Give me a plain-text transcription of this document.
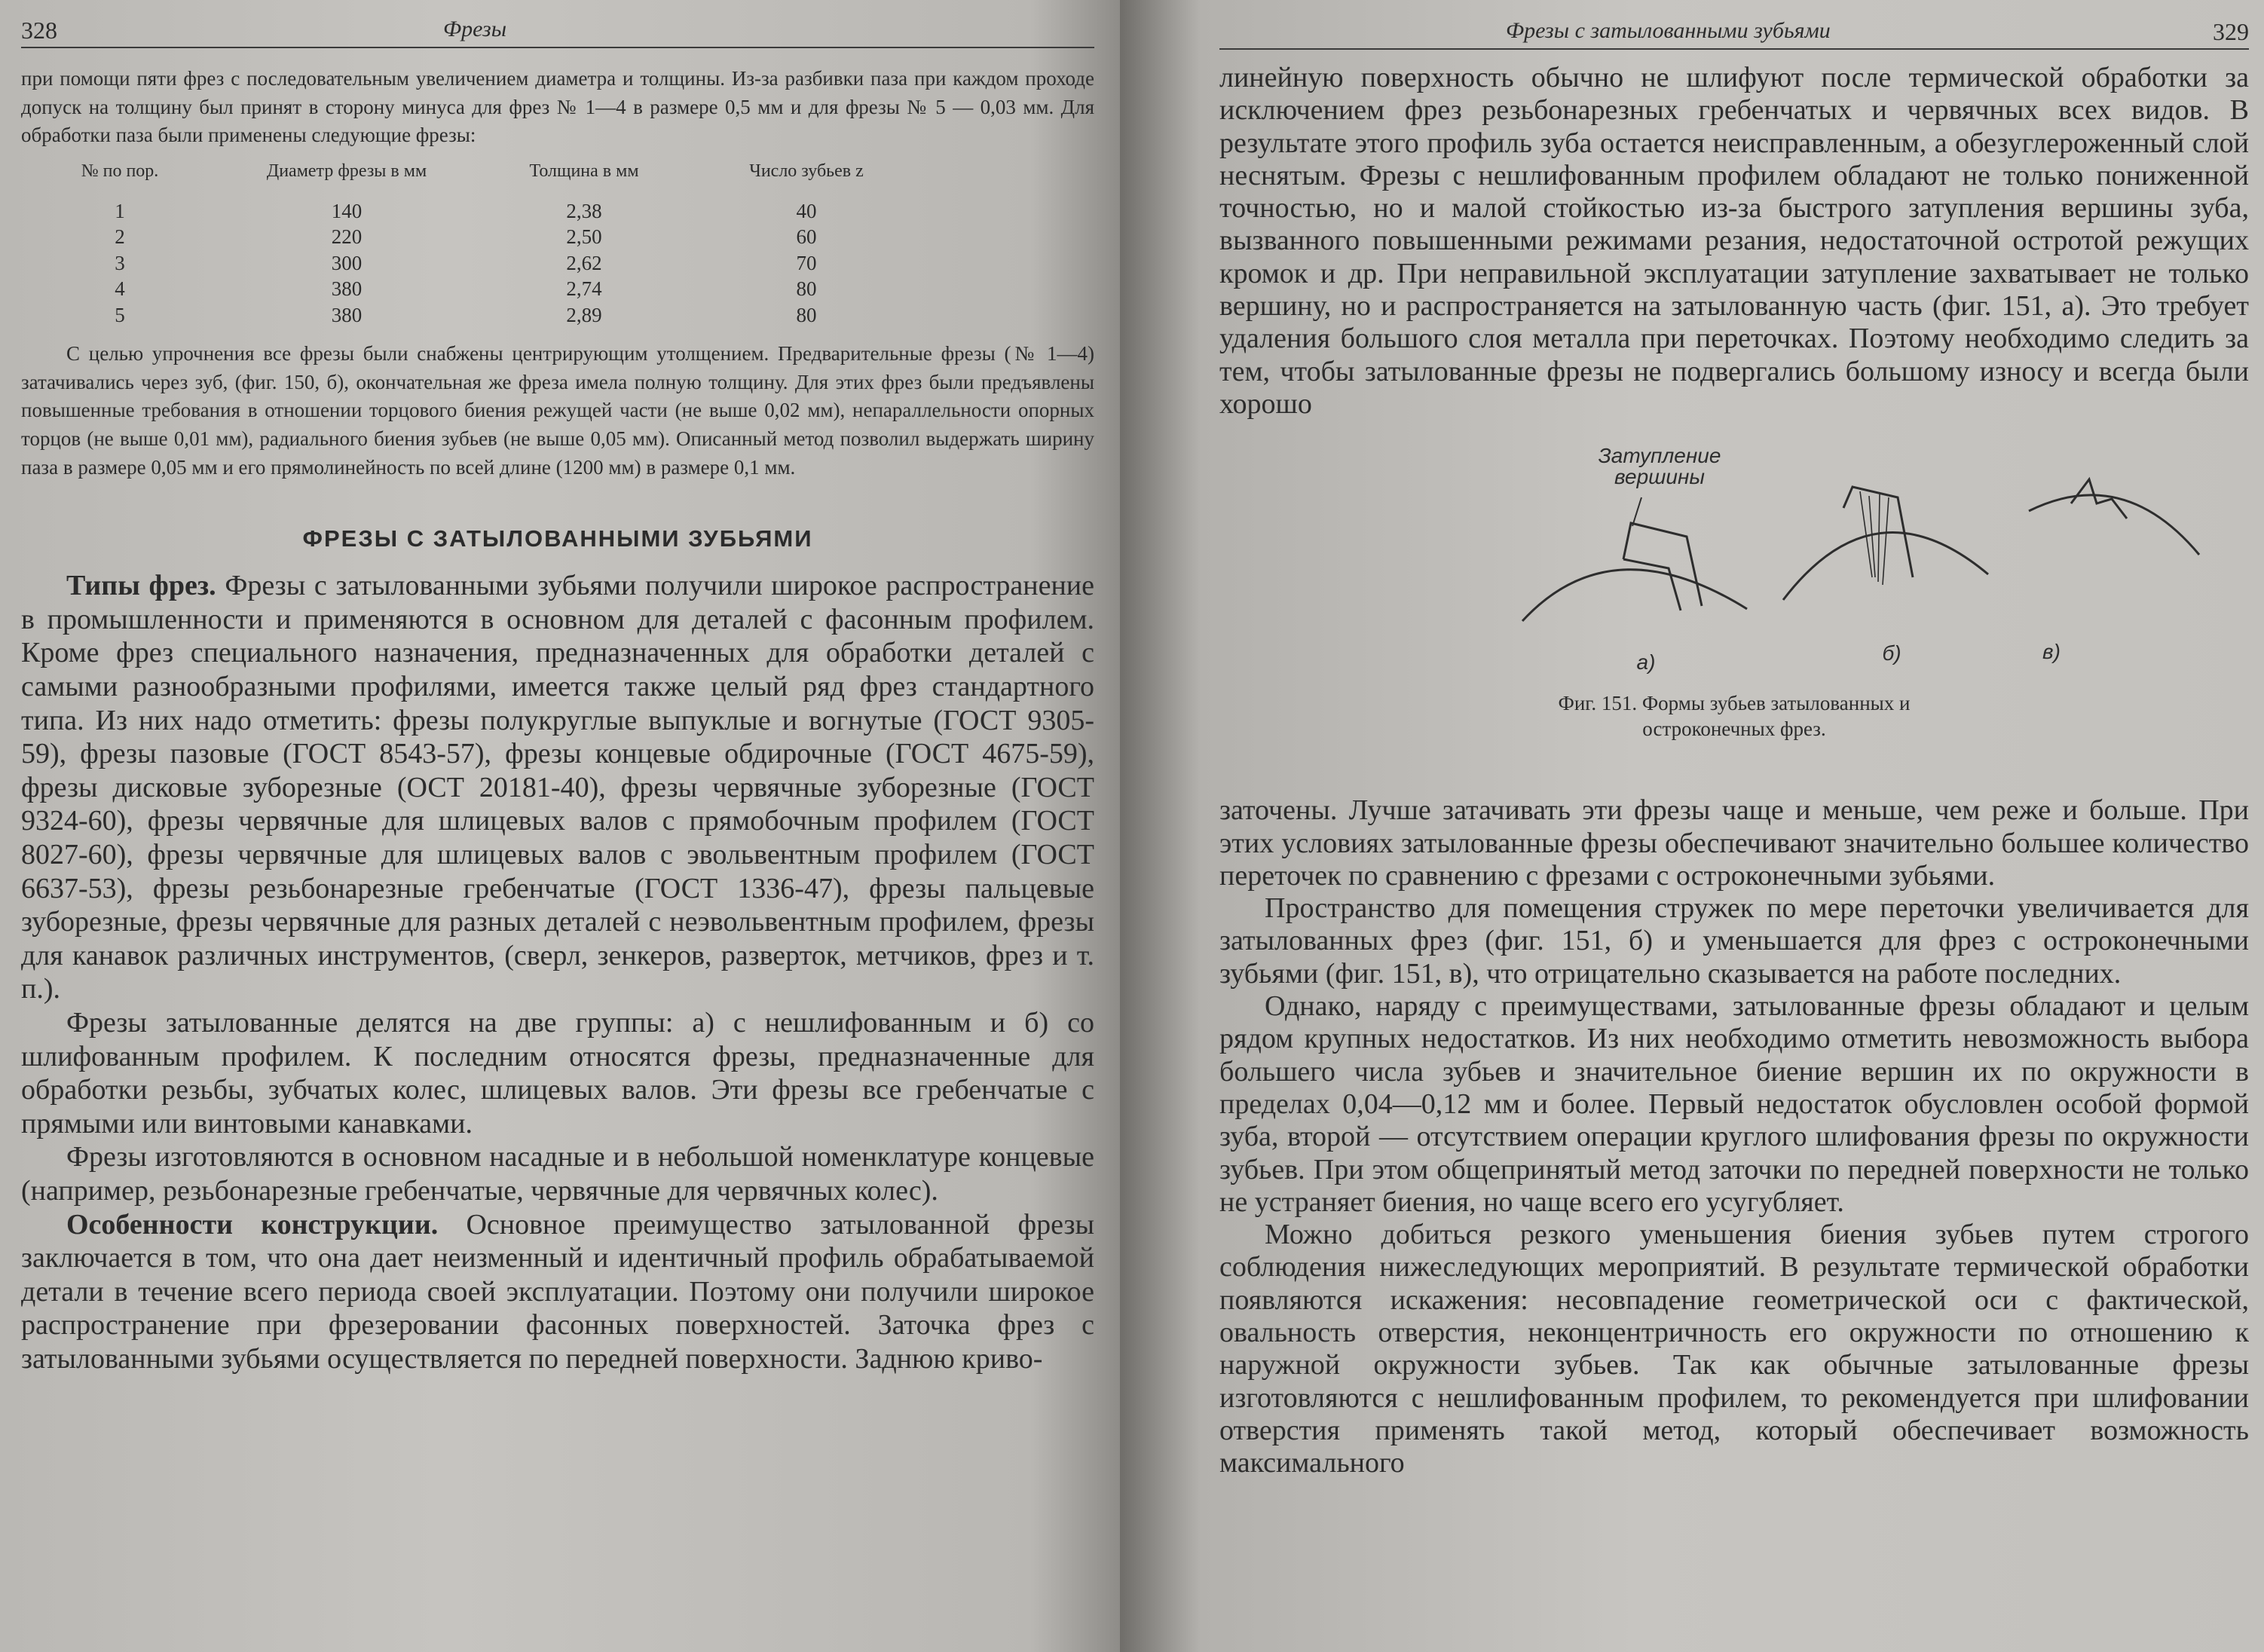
328	Фрезы

при помощи пяти фрез с последовательным увеличением диаметра и толщины. Из-за разбивки паза при каждом проходе допуск на толщину был принят в сторону минуса для фрез № 1—4 в размере 0,5 мм и для фрезы № 5 — 0,03 мм. Для обработки паза были применены следующие фрезы:

№ по пор.	Диаметр фрезы в мм	Толщина в мм	Число зубьев z
1	140	2,38	40
2	220	2,50	60
3	300	2,62	70
4	380	2,74	80
5	380	2,89	80

С целью упрочнения все фрезы были снабжены центрирующим утолщением. Предварительные фрезы (№ 1—4) затачивались через зуб, (фиг. 150, б), окончательная же фреза имела полную толщину. Для этих фрез были предъявлены повышенные требования в отношении торцового биения режущей части (не выше 0,02 мм), непараллельности опорных торцов (не выше 0,01 мм), радиального биения зубьев (не выше 0,05 мм). Описанный метод позволил выдержать ширину паза в размере 0,05 мм и его прямолинейность по всей длине (1200 мм) в размере 0,1 мм.

ФРЕЗЫ С ЗАТЫЛОВАННЫМИ ЗУБЬЯМИ

Типы фрез. Фрезы с затылованными зубьями получили широкое распространение в промышленности и применяются в основном для деталей с фасонным профилем. Кроме фрез специального назначения, предназначенных для обработки деталей с самыми разнообразными профилями, имеется также целый ряд фрез стандартного типа. Из них надо отметить: фрезы полукруглые выпуклые и вогнутые (ГОСТ 9305-59), фрезы пазовые (ГОСТ 8543-57), фрезы концевые обдирочные (ГОСТ 4675-59), фрезы дисковые зуборезные (ОСТ 20181-40), фрезы червячные зуборезные (ГОСТ 9324-60), фрезы червячные для шлицевых валов с прямобочным профилем (ГОСТ 8027-60), фрезы червячные для шлицевых валов с эвольвентным профилем (ГОСТ 6637-53), фрезы резьбонарезные гребенчатые (ГОСТ 1336-47), фрезы пальцевые зуборезные, фрезы червячные для разных деталей с неэвольвентным профилем, фрезы для канавок различных инструментов, (сверл, зенкеров, разверток, метчиков, фрез и т. п.).

Фрезы затылованные делятся на две группы: а) с нешлифованным и б) со шлифованным профилем. К последним относятся фрезы, предназначенные для обработки резьбы, зубчатых колес, шлицевых валов. Эти фрезы все гребенчатые с прямыми или винтовыми канавками.

Фрезы изготовляются в основном насадные и в небольшой номенклатуре концевые (например, резьбонарезные гребенчатые, червячные для червячных колес).

Особенности конструкции. Основное преимущество затылованной фрезы заключается в том, что она дает неизменный и идентичный профиль обрабатываемой детали в течение всего периода своей эксплуатации. Поэтому они получили широкое распространение при фрезеровании фасонных поверхностей. Заточка фрез с затылованными зубьями осуществляется по передней поверхности. Заднюю криво-

Фрезы с затылованными зубьями	329

линейную поверхность обычно не шлифуют после термической обработки за исключением фрез резьбонарезных гребенчатых и червячных всех видов. В результате этого профиль зуба остается неисправленным, а обезуглероженный слой неснятым. Фрезы с нешлифованным профилем обладают не только пониженной точностью, но и малой стойкостью из-за быстрого затупления вершины зуба, вызванного повышенными режимами резания, недостаточной остротой режущих кромок и др. При неправильной эксплуатации затупление захватывает не только вершину, но и распространяется на затылованную часть (фиг. 151, а). Это требует удаления большого слоя металла при переточках. Поэтому необходимо следить за тем, чтобы затылованные фрезы не подвергались большому износу и всегда были хорошо

Затупление
вершины
а)	б)	в)
Фиг. 151. Формы зубьев затылованных и остроконечных фрез.

заточены. Лучше затачивать эти фрезы чаще и меньше, чем реже и больше. При этих условиях затылованные фрезы обеспечивают значительно большее количество переточек по сравнению с фрезами с остроконечными зубьями.

Пространство для помещения стружек по мере переточки увеличивается для затылованных фрез (фиг. 151, б) и уменьшается для фрез с остроконечными зубьями (фиг. 151, в), что отрицательно сказывается на работе последних.

Однако, наряду с преимуществами, затылованные фрезы обладают и целым рядом крупных недостатков. Из них необходимо отметить невозможность выбора большего числа зубьев и значительное биение вершин их по окружности в пределах 0,04—0,12 мм и более. Первый недостаток обусловлен особой формой зуба, второй — отсутствием операции круглого шлифования фрезы по окружности зубьев. При этом общепринятый метод заточки по передней поверхности не только не устраняет биения, но чаще всего его усугубляет.

Можно добиться резкого уменьшения биения зубьев путем строгого соблюдения нижеследующих мероприятий. В результате термической обработки появляются искажения: несовпадение геометрической оси с фактической, овальность отверстия, неконцентричность его окружности по отношению к наружной окружности зубьев. Так как обычные затылованные фрезы изготовляются с нешлифованным профилем, то рекомендуется при шлифовании отверстия применять такой метод, который обеспечивает возможность максимального
